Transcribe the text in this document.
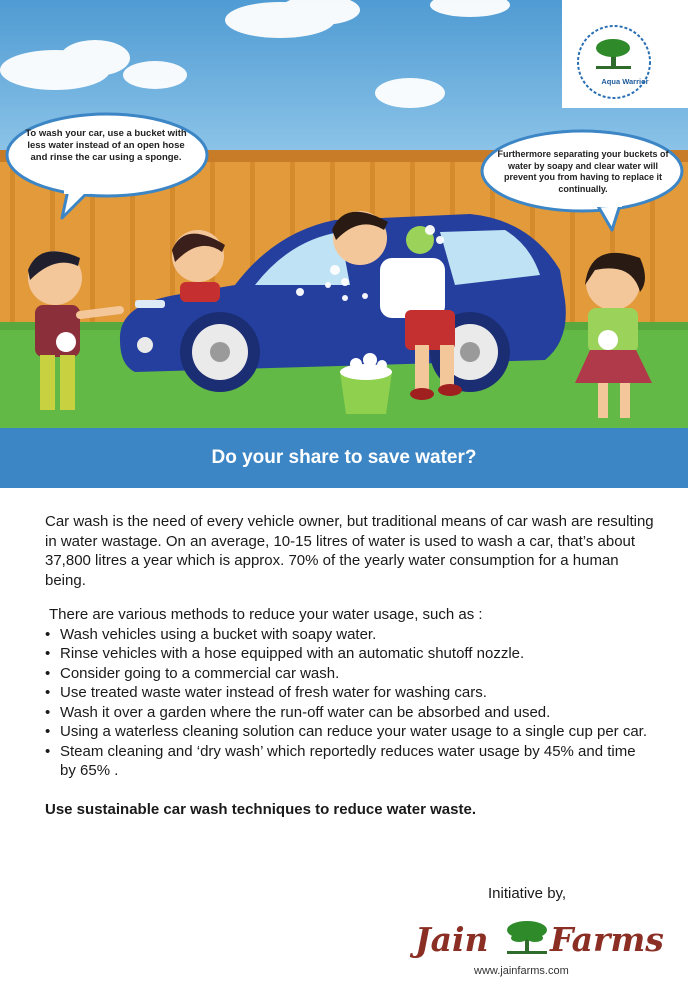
To wash your car, use a bucket with less water instead of an open hose and rinse the car using a sponge.	Furthermore separating your buckets of water by soapy and clear water will prevent you from having to replace it continually.
Aqua Warrior
Do your share to save water?

Car wash is the need of every vehicle owner, but traditional means of car wash are resulting in water wastage. On an average, 10-15 litres of water is used to wash a car, that’s about 37,800 litres a year which is approx. 70% of the yearly water consumption for a human being.

There are various methods to reduce your water usage, such as :

• Wash vehicles using a bucket with soapy water.
• Rinse vehicles with a hose equipped with an automatic shutoff nozzle.
• Consider going to a commercial car wash.
• Use treated waste water instead of fresh water for washing cars.
• Wash it over a garden where the run-off water can be absorbed and used.
• Using a waterless cleaning solution can reduce your water usage to a single cup per car.
• Steam cleaning and ‘dry wash’ which reportedly reduces water usage by 45% and time by 65% .

Use sustainable car wash techniques to reduce water waste.

Initiative by,
Jain Farms
www.jainfarms.com
